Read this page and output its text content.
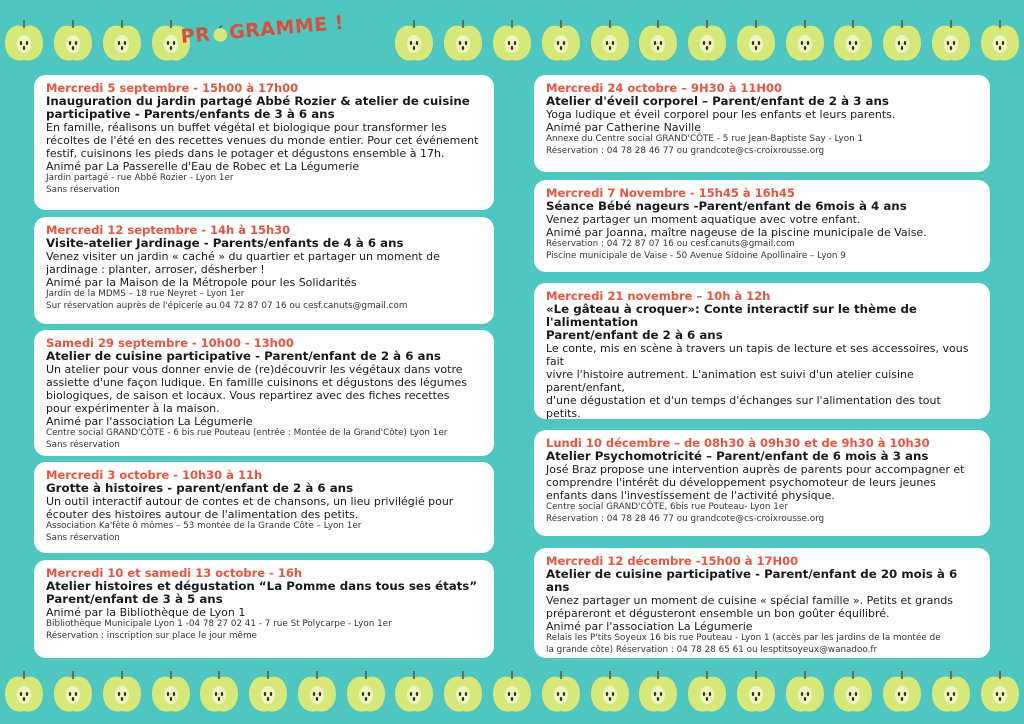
PR GRAMME !
Mercredi 5 septembre - 15h00 à 17h00
Inauguration du jardin partagé Abbé Rozier & atelier de cuisine
participative - Parents/enfants de 3 à 6 ans
En famille, réalisons un buffet végétal et biologique pour transformer les
récoltes de l'été en des recettes venues du monde entier. Pour cet événement
festif, cuisinons les pieds dans le potager et dégustons ensemble à 17h.
Animé par La Passerelle d'Eau de Robec et La Légumerie
Jardin partagé - rue Abbé Rozier - Lyon 1er
Sans réservation
Mercredi 12 septembre - 14h à 15h30
Visite-atelier Jardinage - Parents/enfants de 4 à 6 ans
Venez visiter un jardin « caché » du quartier et partager un moment de
jardinage : planter, arroser, désherber !
Animé par la Maison de la Métropole pour les Solidarités
Jardin de la MDMS – 18 rue Neyret – Lyon 1er
Sur réservation auprès de l'épicerie au 04 72 87 07 16 ou cesf.canuts@gmail.com
Samedi 29 septembre - 10h00 - 13h00
Atelier de cuisine participative - Parent/enfant de 2 à 6 ans
Un atelier pour vous donner envie de (re)découvrir les végétaux dans votre
assiette d'une façon ludique. En famille cuisinons et dégustons des légumes
biologiques, de saison et locaux. Vous repartirez avec des fiches recettes
pour expérimenter à la maison.
Animé par l'association La Légumerie
Centre social GRAND'CÔTE - 6 bis rue Pouteau (entrée : Montée de la Grand'Côte) Lyon 1er
Sans réservation
Mercredi 3 octobre - 10h30 à 11h
Grotte à histoires - parent/enfant de 2 à 6 ans
Un outil interactif autour de contes et de chansons, un lieu privilégié pour
écouter des histoires autour de l'alimentation des petits.
Association Ka'fête ô mômes – 53 montée de la Grande Côte – Lyon 1er
Sans réservation
Mercredi 10 et samedi 13 octobre - 16h
Atelier histoires et dégustation “La Pomme dans tous ses états”
Parent/enfant de 3 à 5 ans
Animé par la Bibliothèque de Lyon 1
Bibliothèque Municipale Lyon 1 -04 78 27 02 41 - 7 rue St Polycarpe - Lyon 1er
Réservation : inscription sur place le jour même
Mercredi 24 octobre – 9H30 à 11H00
Atelier d'éveil corporel – Parent/enfant de 2 à 3 ans
Yoga ludique et éveil corporel pour les enfants et leurs parents.
Animé par Catherine Naville
Annexe du Centre social GRAND'CÔTE - 5 rue Jean-Baptiste Say - Lyon 1
Réservation : 04 78 28 46 77 ou grandcote@cs-croixrousse.org
Mercredi 7 Novembre - 15h45 à 16h45
Séance Bébé nageurs -Parent/enfant de 6mois à 4 ans
Venez partager un moment aquatique avec votre enfant.
Animé par Joanna, maître nageuse de la piscine municipale de Vaise.
Réservation : 04 72 87 07 16 ou cesf.canuts@gmail.com
Piscine municipale de Vaise - 50 Avenue Sidoine Apollinaire – Lyon 9
Mercredi 21 novembre – 10h à 12h
«Le gâteau à croquer»: Conte interactif sur le thème de l'alimentation
Parent/enfant de 2 à 6 ans
Le conte, mis en scène à travers un tapis de lecture et ses accessoires, vous fait
vivre l'histoire autrement. L'animation est suivi d'un atelier cuisine parent/enfant,
d'une dégustation et d'un temps d'échanges sur l'alimentation des tout petits.
Lundi 10 décembre – de 08h30 à 09h30 et de 9h30 à 10h30
Atelier Psychomotricité – Parent/enfant de 6 mois à 3 ans
José Braz propose une intervention auprès de parents pour accompagner et
comprendre l'intérêt du développement psychomoteur de leurs jeunes
enfants dans l'investissement de l'activité physique.
Centre social GRAND'CÔTE, 6bis rue Pouteau- Lyon 1er
Réservation : 04 78 28 46 77 ou grandcote@cs-croixrousse.org
Mercredi 12 décembre -15h00 à 17H00
Atelier de cuisine participative - Parent/enfant de 20 mois à 6 ans
Venez partager un moment de cuisine « spécial famille ». Petits et grands
prépareront et dégusteront ensemble un bon goûter équilibré.
Animé par l'association La Légumerie
Relais les P'tits Soyeux 16 bis rue Pouteau - Lyon 1 (accès par les jardins de la montée de
la grande côte) Réservation : 04 78 28 65 61 ou lesptitsoyeux@wanadoo.fr
